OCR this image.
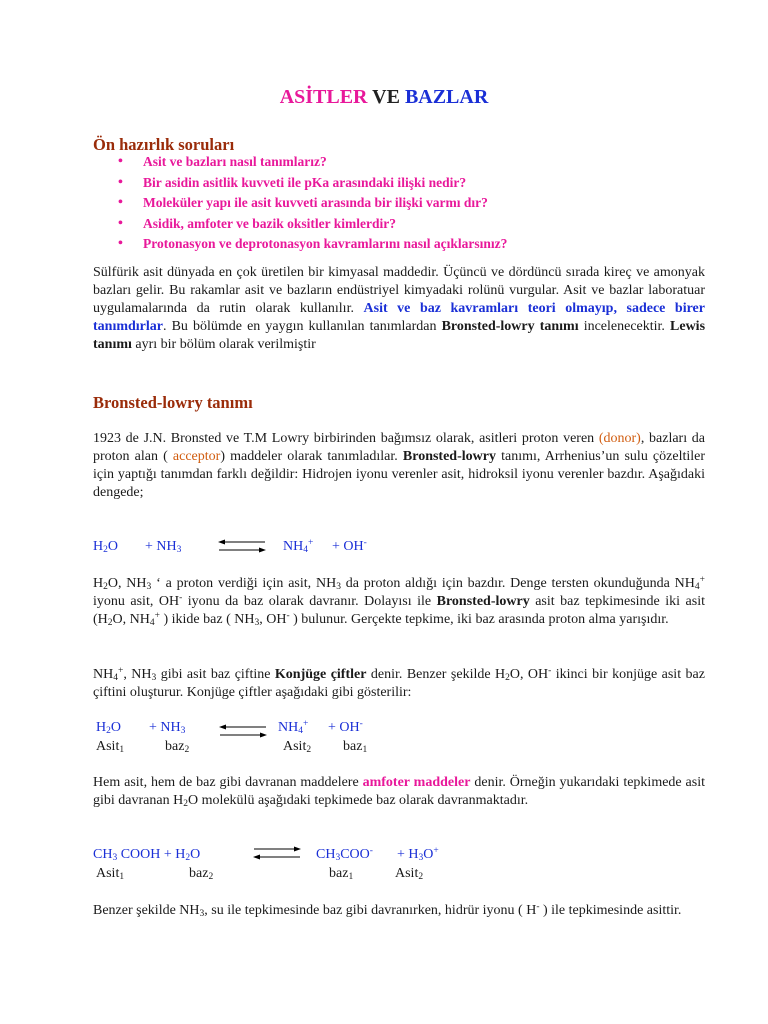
ASİTLER VE BAZLAR
Ön hazırlık soruları
• Asit ve bazları nasıl tanımlarız?
• Bir asidin asitlik kuvveti ile pKa arasındaki ilişki nedir?
• Moleküler yapı ile asit kuvveti arasında bir ilişki varmı dır?
• Asidik, amfoter ve bazik oksitler kimlerdir?
• Protonasyon ve deprotonasyon kavramlarını nasıl açıklarsınız?

Sülfürik asit dünyada en çok üretilen bir kimyasal maddedir. Üçüncü ve dördüncü sırada kireç ve amonyak bazları gelir. Bu rakamlar asit ve bazların endüstriyel kimyadaki rolünü vurgular. Asit ve bazlar laboratuar uygulamalarında da rutin olarak kullanılır. Asit ve baz kavramları teori olmayıp, sadece birer tanımdırlar. Bu bölümde en yaygın kullanılan tanımlardan Bronsted-lowry tanımı incelenecektir. Lewis tanımı ayrı bir bölüm olarak verilmiştir

Bronsted-lowry tanımı

1923 de J.N. Bronsted ve T.M Lowry birbirinden bağımsız olarak, asitleri proton veren (donor), bazları da proton alan ( acceptor) maddeler olarak tanımladılar. Bronsted-lowry tanımı, Arrhenius’un sulu çözeltiler için yaptığı tanımdan farklı değildir: Hidrojen iyonu verenler asit, hidroksil iyonu verenler bazdır. Aşağıdaki dengede;

$H_2O + NH_3$ ⇌ $NH_4^+ + OH^-$

$H_2O$, $NH_3$ ‘ a proton verdiği için asit, $NH_3$ da proton aldığı için bazdır. Denge tersten okunduğunda $NH_4^+$ iyonu asit, OH- iyonu da baz olarak davranır. Dolayısı ile Bronsted-lowry asit baz tepkimesinde iki asit ($H_2O$, $NH_4^+$ ) ikide baz ( $NH_3$, OH- ) bulunur. Gerçekte tepkime, iki baz arasında proton alma yarışıdır.

$NH_4^+$, $NH_3$ gibi asit baz çiftine Konjüge çiftler denir. Benzer şekilde $H_2O$, OH- ikinci bir konjüge asit baz çiftini oluşturur. Konjüge çiftler aşağıdaki gibi gösterilir:

$H_2O + NH_3$ ⇌ $NH_4^+ + OH^-$
Asit$_1$	baz$_2$	Asit$_2$ baz$_1$

Hem asit, hem de baz gibi davranan maddelere amfoter maddeler denir. Örneğin yukarıdaki tepkimede asit gibi davranan $H_2O$ molekülü aşağıdaki tepkimede baz olarak davranmaktadır.

$CH_3$ COOH + $H_2O$	⇌ $CH_3COO^- + H_3O^+$
Asit$_1$	baz$_2$	baz$_1$	Asit$_2$

Benzer şekilde $NH_3$, su ile tepkimesinde baz gibi davranırken, hidrür iyonu ( H- ) ile tepkimesinde asittir.
